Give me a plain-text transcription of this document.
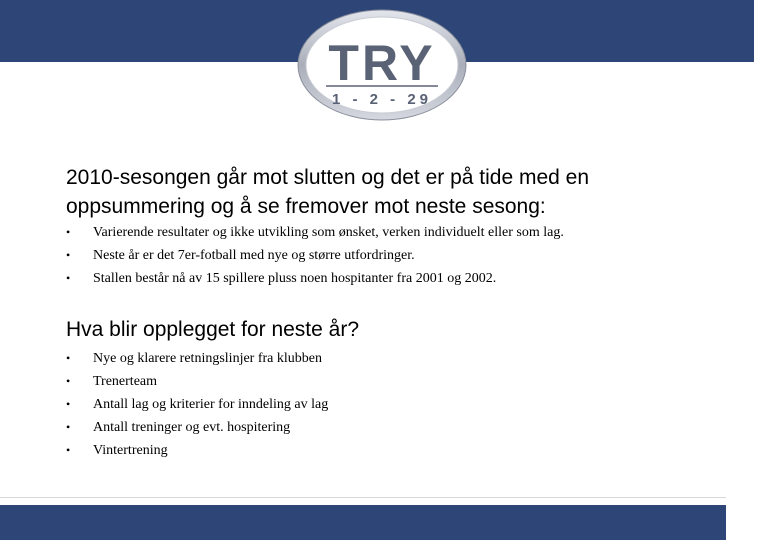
TRY
1 - 2 - 29
2010-sesongen går mot slutten og det er på tide med en oppsummering og å se fremover mot neste sesong:
•	Varierende resultater og ikke utvikling som ønsket, verken individuelt eller som lag.
•	Neste år er det 7er-fotball med nye og større utfordringer.
•	Stallen består nå av 15 spillere pluss noen hospitanter fra 2001 og 2002.
Hva blir opplegget for neste år?
•	Nye og klarere retningslinjer fra klubben
•	Trenerteam
•	Antall lag og kriterier for inndeling av lag
•	Antall treninger og evt. hospitering
•	Vintertrening
